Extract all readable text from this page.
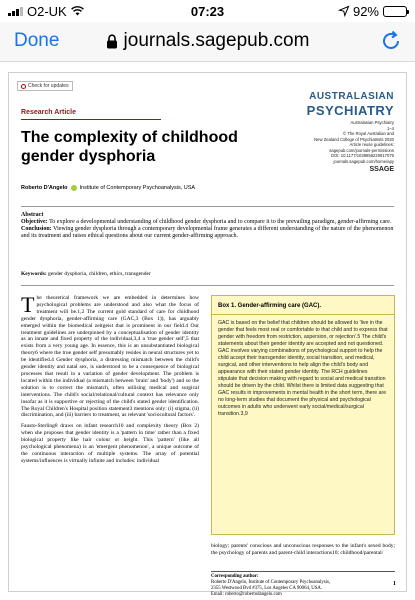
O2-UK	07:23	92%
Done	journals.sagepub.com
Check for updates
AUSTRALASIAN
PSYCHIATRY
Research Article
Australasian Psychiatry
1–4
© The Royal Australian and
New Zealand College of Psychiatrists 2020
Article reuse guidelines:
sagepub.com/journals-permissions
DOI: 10.1177/1039856220917076
journals.sagepub.com/home/apy
SSAGE
The complexity of childhood gender dysphoria
Roberto D'Angelo Institute of Contemporary Psychoanalysis, USA
Abstract
Objective: To explore a developmental understanding of childhood gender dysphoria and to compare it to the prevailing paradigm, gender-affirming care.
Conclusion: Viewing gender dysphoria through a contemporary developmental frame generates a different understanding of the nature of the phenomenon and its treatment and raises ethical questions about our current gender-affirming approach.
Keywords: gender dysphoria, children, ethics, transgender

The theoretical framework we are embedded in determines how psychological problems are understood and also what the focus of treatment will be.1,2 The current gold standard of care for childhood gender dysphoria, gender-affirming care (GAC,3 (Box 1)), has arguably emerged within the biomedical zeitgeist that is prominent in our field.4 Our treatment guidelines are underpinned by a conceptualisation of gender identity as an innate and fixed property of the individual,3,4 a 'true gender self',5 that exists from a very young age. In essence, this is an unsubstantiated biological theory6 where the true gender self presumably resides in neural structures yet to be identified.4 Gender dysphoria, a distressing mismatch between the child's gender identity and natal sex, is understood to be a consequence of biological processes that result in a variation of gender development. The problem is located within the individual (a mismatch between 'brain' and 'body') and so the solution is to correct the mismatch, often utilising medical and surgical interventions. The child's social/relational/cultural context has relevance only insofar as it is supportive or rejecting of the child's stated gender identification. The Royal Children's Hospital position statement3 mentions only: (i) stigma, (ii) discrimination, and (iii) barriers to treatment, as relevant 'sociocultural factors'.

Fausto-Sterling8 draws on infant research10 and complexity theory (Box 2) when she proposes that gender identity is a 'pattern in time' rather than a fixed biological property like hair colour or height. This 'pattern' (like all psychological phenomena) is an 'emergent phenomenon', a unique outcome of the continuous interaction of multiple systems. The array of potential systems/influences is virtually infinite and includes: individual

Box 1. Gender-affirming care (GAC).
GAC is based on the belief that children should be allowed to 'live in the gender that feels most real or comfortable to that child and to express that gender with freedom from restriction, aspersion, or rejection'.5 The child's statements about their gender identity are accepted and not questioned. GAC involves varying combinations of psychological support to help the child accept their transgender identity, social transition, and medical, surgical, and other interventions to help align the child's body and appearance with their stated gender identity. The RCH guidelines stipulate that decision making with regard to social and medical transition should be driven by the child. Whilst there is limited data suggesting that GAC results in improvements in mental health in the short term, there are no long-term studies that document the physical and psychological outcomes in adults who underwent early social/medical/surgical transition.3,9
biology; parents' conscious and unconscious responses to the infant's sexed body; the psychology of parents and parent-child interactions10; childhood/parental/
Corresponding author:
Roberto D'Angelo, Institute of Contemporary Psychoanalysis,
2355 Westwood Bvd #375, Los Angeles CA 90064, USA.
Email: roberto@robertodangelo.com
1
